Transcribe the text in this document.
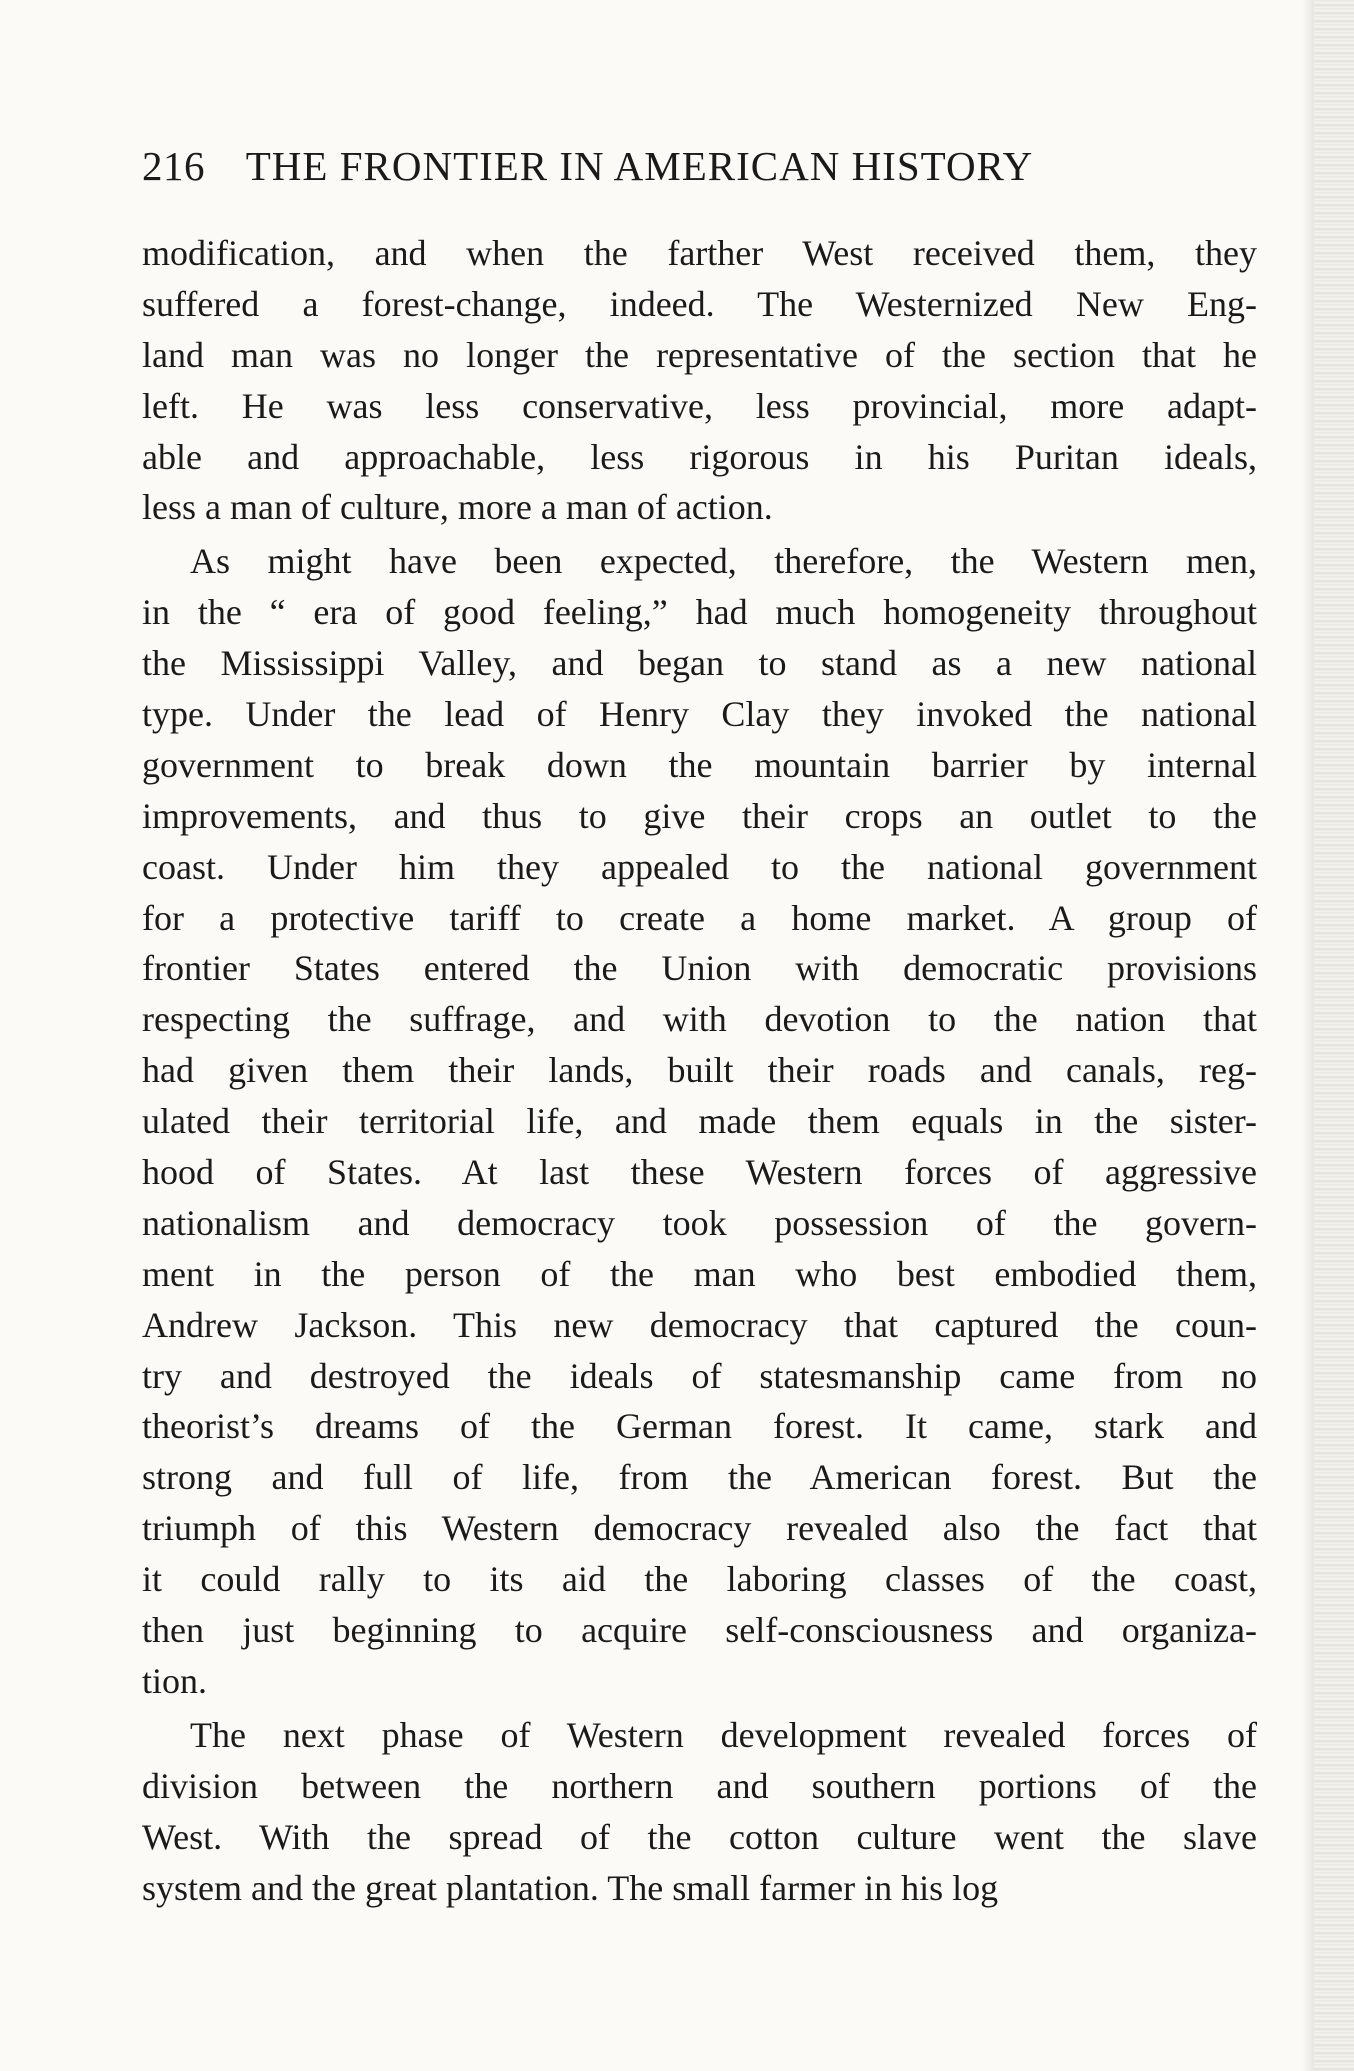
216 THE FRONTIER IN AMERICAN HISTORY
modification, and when the farther West received them, they
suffered a forest-change, indeed. The Westernized New Eng-
land man was no longer the representative of the section that he
left. He was less conservative, less provincial, more adapt-
able and approachable, less rigorous in his Puritan ideals,
less a man of culture, more a man of action.
As might have been expected, therefore, the Western men,
in the “ era of good feeling,” had much homogeneity throughout
the Mississippi Valley, and began to stand as a new national
type. Under the lead of Henry Clay they invoked the national
government to break down the mountain barrier by internal
improvements, and thus to give their crops an outlet to the
coast. Under him they appealed to the national government
for a protective tariff to create a home market. A group of
frontier States entered the Union with democratic provisions
respecting the suffrage, and with devotion to the nation that
had given them their lands, built their roads and canals, reg-
ulated their territorial life, and made them equals in the sister-
hood of States. At last these Western forces of aggressive
nationalism and democracy took possession of the govern-
ment in the person of the man who best embodied them,
Andrew Jackson. This new democracy that captured the coun-
try and destroyed the ideals of statesmanship came from no
theorist’s dreams of the German forest. It came, stark and
strong and full of life, from the American forest. But the
triumph of this Western democracy revealed also the fact that
it could rally to its aid the laboring classes of the coast,
then just beginning to acquire self-consciousness and organiza-
tion.
The next phase of Western development revealed forces of
division between the northern and southern portions of the
West. With the spread of the cotton culture went the slave
system and the great plantation. The small farmer in his log
